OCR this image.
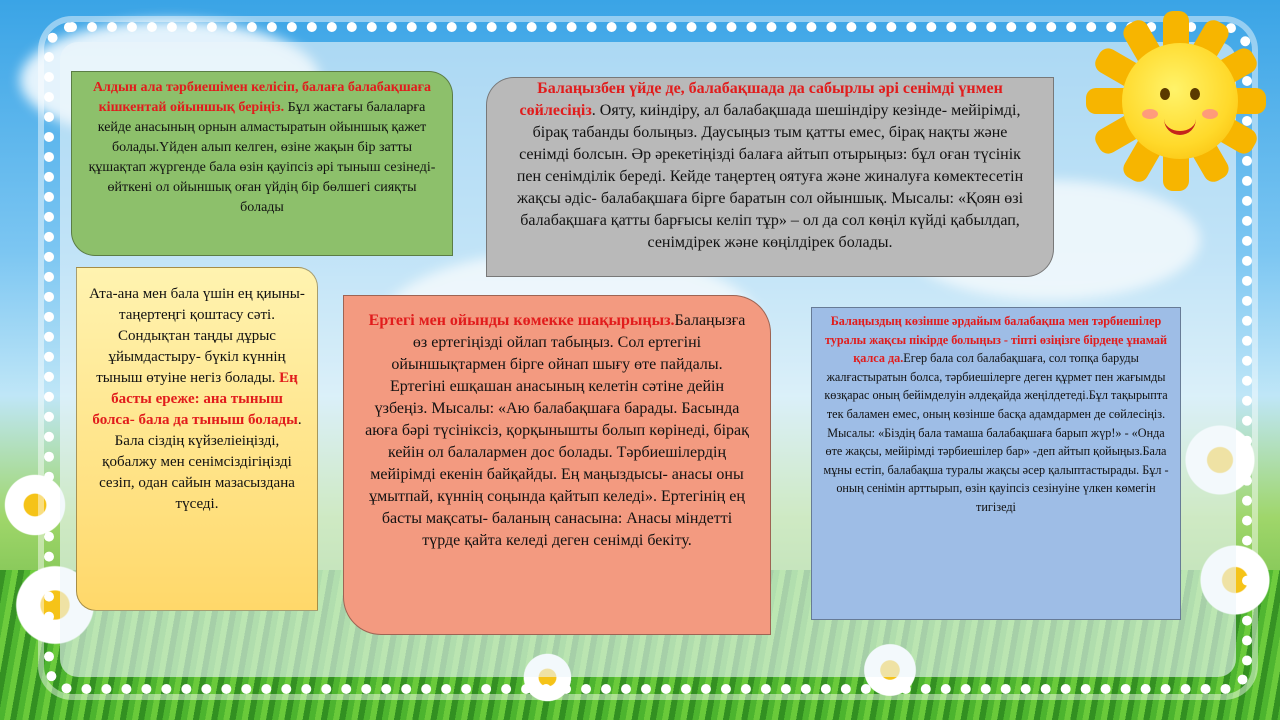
Алдын ала тәрбиешімен келісіп, балаға балабақшаға кішкентай ойыншық беріңіз. Бұл жастағы балаларға кейде анасының орнын алмастыратын ойыншық қажет болады.Үйден алып келген, өзіне жақын бір затты құшақтап жүргенде бала өзін қауіпсіз әрі тыныш сезінеді- өйткені ол ойыншық оған үйдің бір бөлшегі сияқты болады
Балаңызбен үйде де, балабақшада да сабырлы әрі сенімді үнмен сөйлесіңіз. Ояту, киіндіру, ал балабақшада шешіндіру кезінде- мейірімді, бірақ табанды болыңыз. Даусыңыз тым қатты емес, бірақ нақты және сенімді болсын. Әр әрекетіңізді балаға айтып отырыңыз: бұл оған түсінік пен сенімділік береді. Кейде таңертең оятуға және жиналуға көмектесетін жақсы әдіс- балабақшаға бірге баратын сол ойыншық. Мысалы: «Қоян өзі балабақшаға қатты барғысы келіп тұр» – ол да сол көңіл күйді қабылдап, сенімдірек және көңілдірек болады.
Ата-ана мен бала үшін ең қиыны- таңертеңгі қоштасу сәті. Сондықтан таңды дұрыс ұйымдастыру- бүкіл күннің тыныш өтуіне негіз болады. Ең басты ереже: ана тыныш болса- бала да тыныш болады. Бала сіздің күйзеліеіңізді, қобалжу мен сенімсіздігіңізді сезіп, одан сайын мазасыздана түседі.
Ертегі мен ойынды көмекке шақырыңыз.Балаңызға өз ертегіңізді ойлап табыңыз. Сол ертегіні ойыншықтармен бірге ойнап шығу өте пайдалы. Ертегіні ешқашан анасының келетін сәтіне дейін үзбеңіз. Мысалы: «Аю балабақшаға барады. Басында аюға бәрі түсініксіз, қорқынышты болып көрінеді, бірақ кейін ол балалармен дос болады. Тәрбиешілердің мейірімді екенін байқайды. Ең маңыздысы- анасы оны ұмытпай, күннің соңында қайтып келеді». Ертегінің ең басты мақсаты- баланың санасына: Анасы міндетті түрде қайта келеді деген сенімді бекіту.
Балаңыздың көзінше әрдайым балабақша мен тәрбиешілер туралы жақсы пікірде болыңыз - тіпті өзіңізге бірдеңе ұнамай қалса да.Егер бала сол балабақшаға, сол топқа баруды жалғастыратын болса, тәрбиешілерге деген құрмет пен жағымды көзқарас оның бейімделуін әлдеқайда жеңілдетеді.Бұл тақырыпта тек баламен емес, оның көзінше басқа адамдармен де сөйлесіңіз. Мысалы: «Біздің бала тамаша балабақшаға барып жүр!» - «Онда өте жақсы, мейірімді тәрбиешілер бар» -деп айтып қойыңыз.Бала мұны естіп, балабақша туралы жақсы әсер қалыптастырады. Бұл - оның сенімін арттырып, өзін қауіпсіз сезінуіне үлкен көмегін тигізеді
